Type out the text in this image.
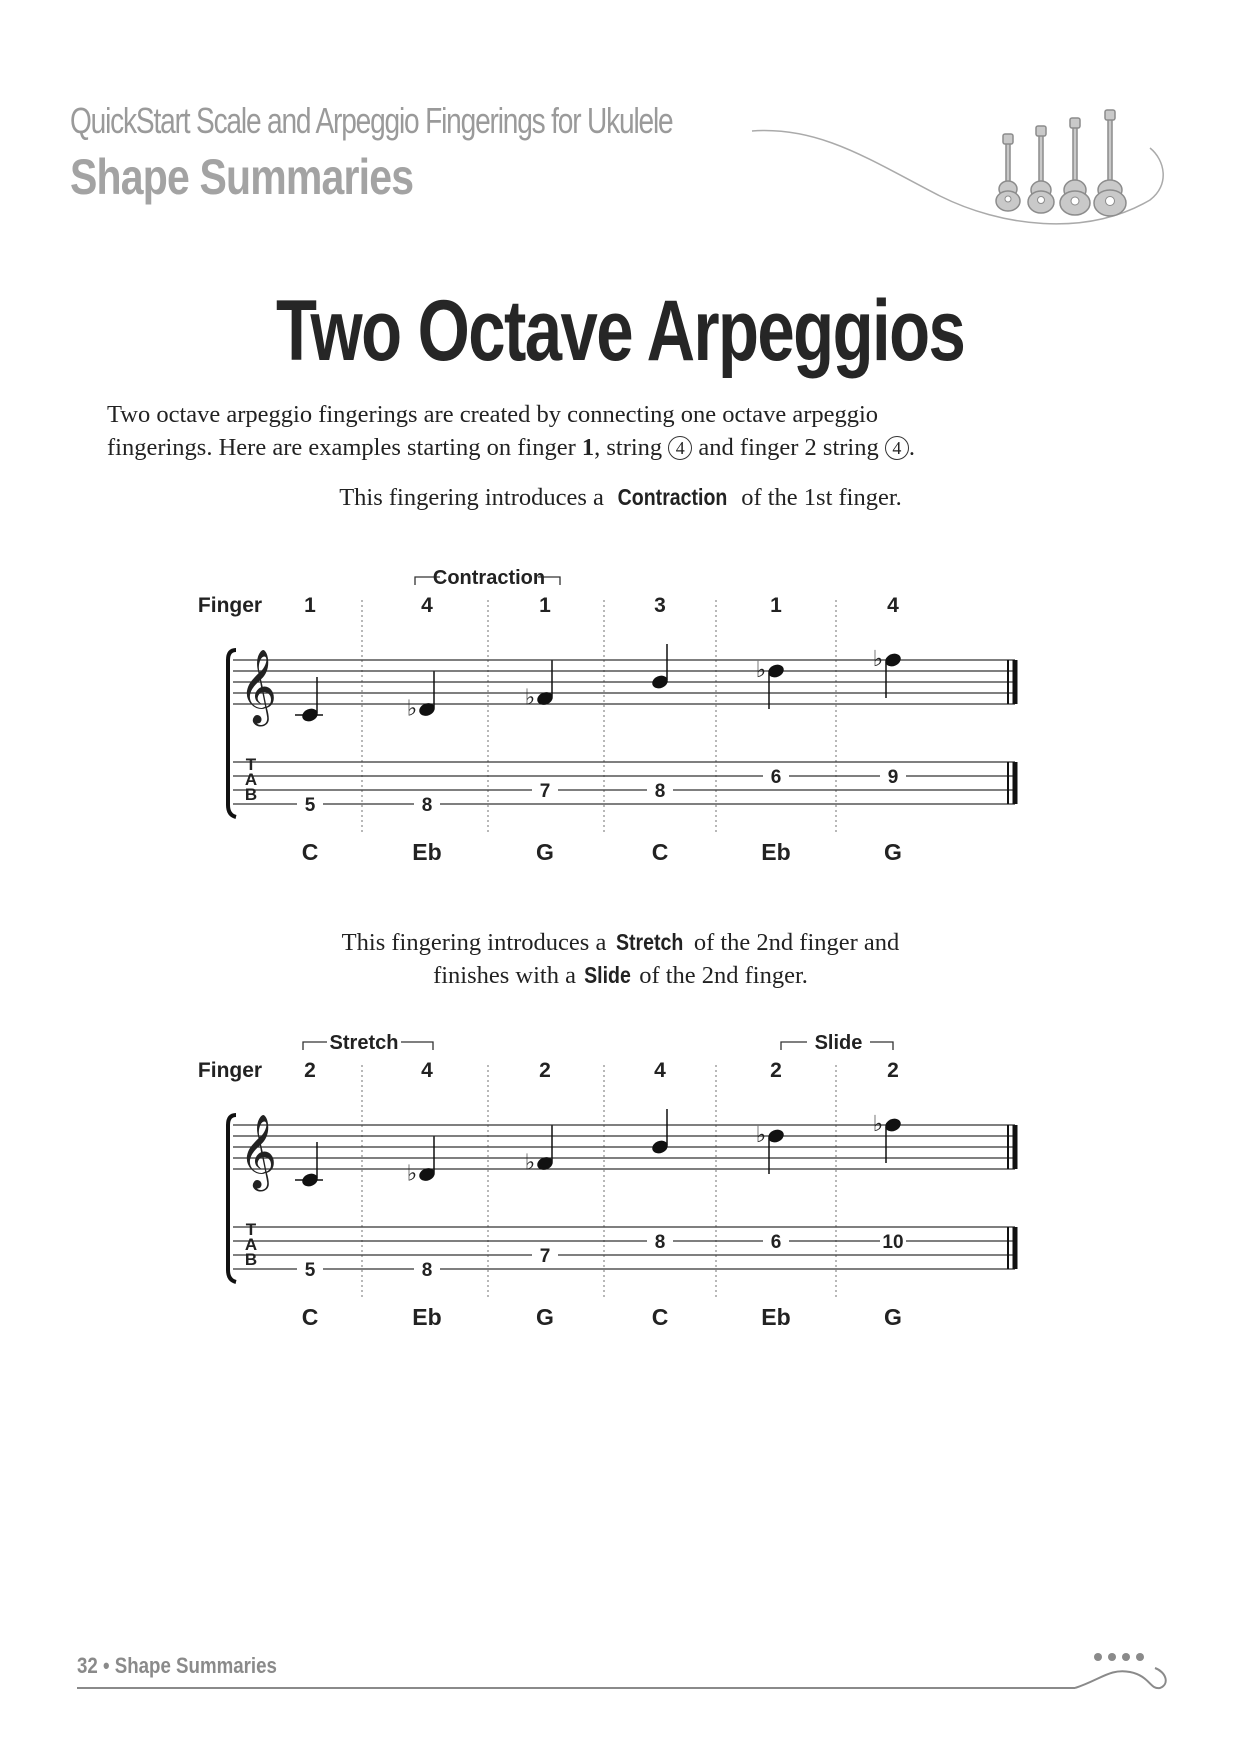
QuickStart Scale and Arpeggio Fingerings for Ukulele
Shape Summaries
Two Octave Arpeggios
Two octave arpeggio fingerings are created by connecting one octave arpeggio
fingerings. Here are examples starting on finger 1, string 4 and finger 2 string 4 .
This fingering introduces a Contraction of the 1st finger.
Finger
Contraction
𝄞
T
A
B
1
5
C
4
♭
8
Eb
1
♭
7
G
3
8
C
1
♭
6
Eb
4
♭
9
G
This fingering introduces a Stretch of the 2nd finger and
finishes with a Slide of the 2nd finger.
Finger
Stretch	Slide
𝄞
T
A
B
2
5
C
4
♭
8
Eb
2
♭
7
G
4
8
C
2
♭
6
Eb
2
♭
10
G
32 • Shape Summaries
